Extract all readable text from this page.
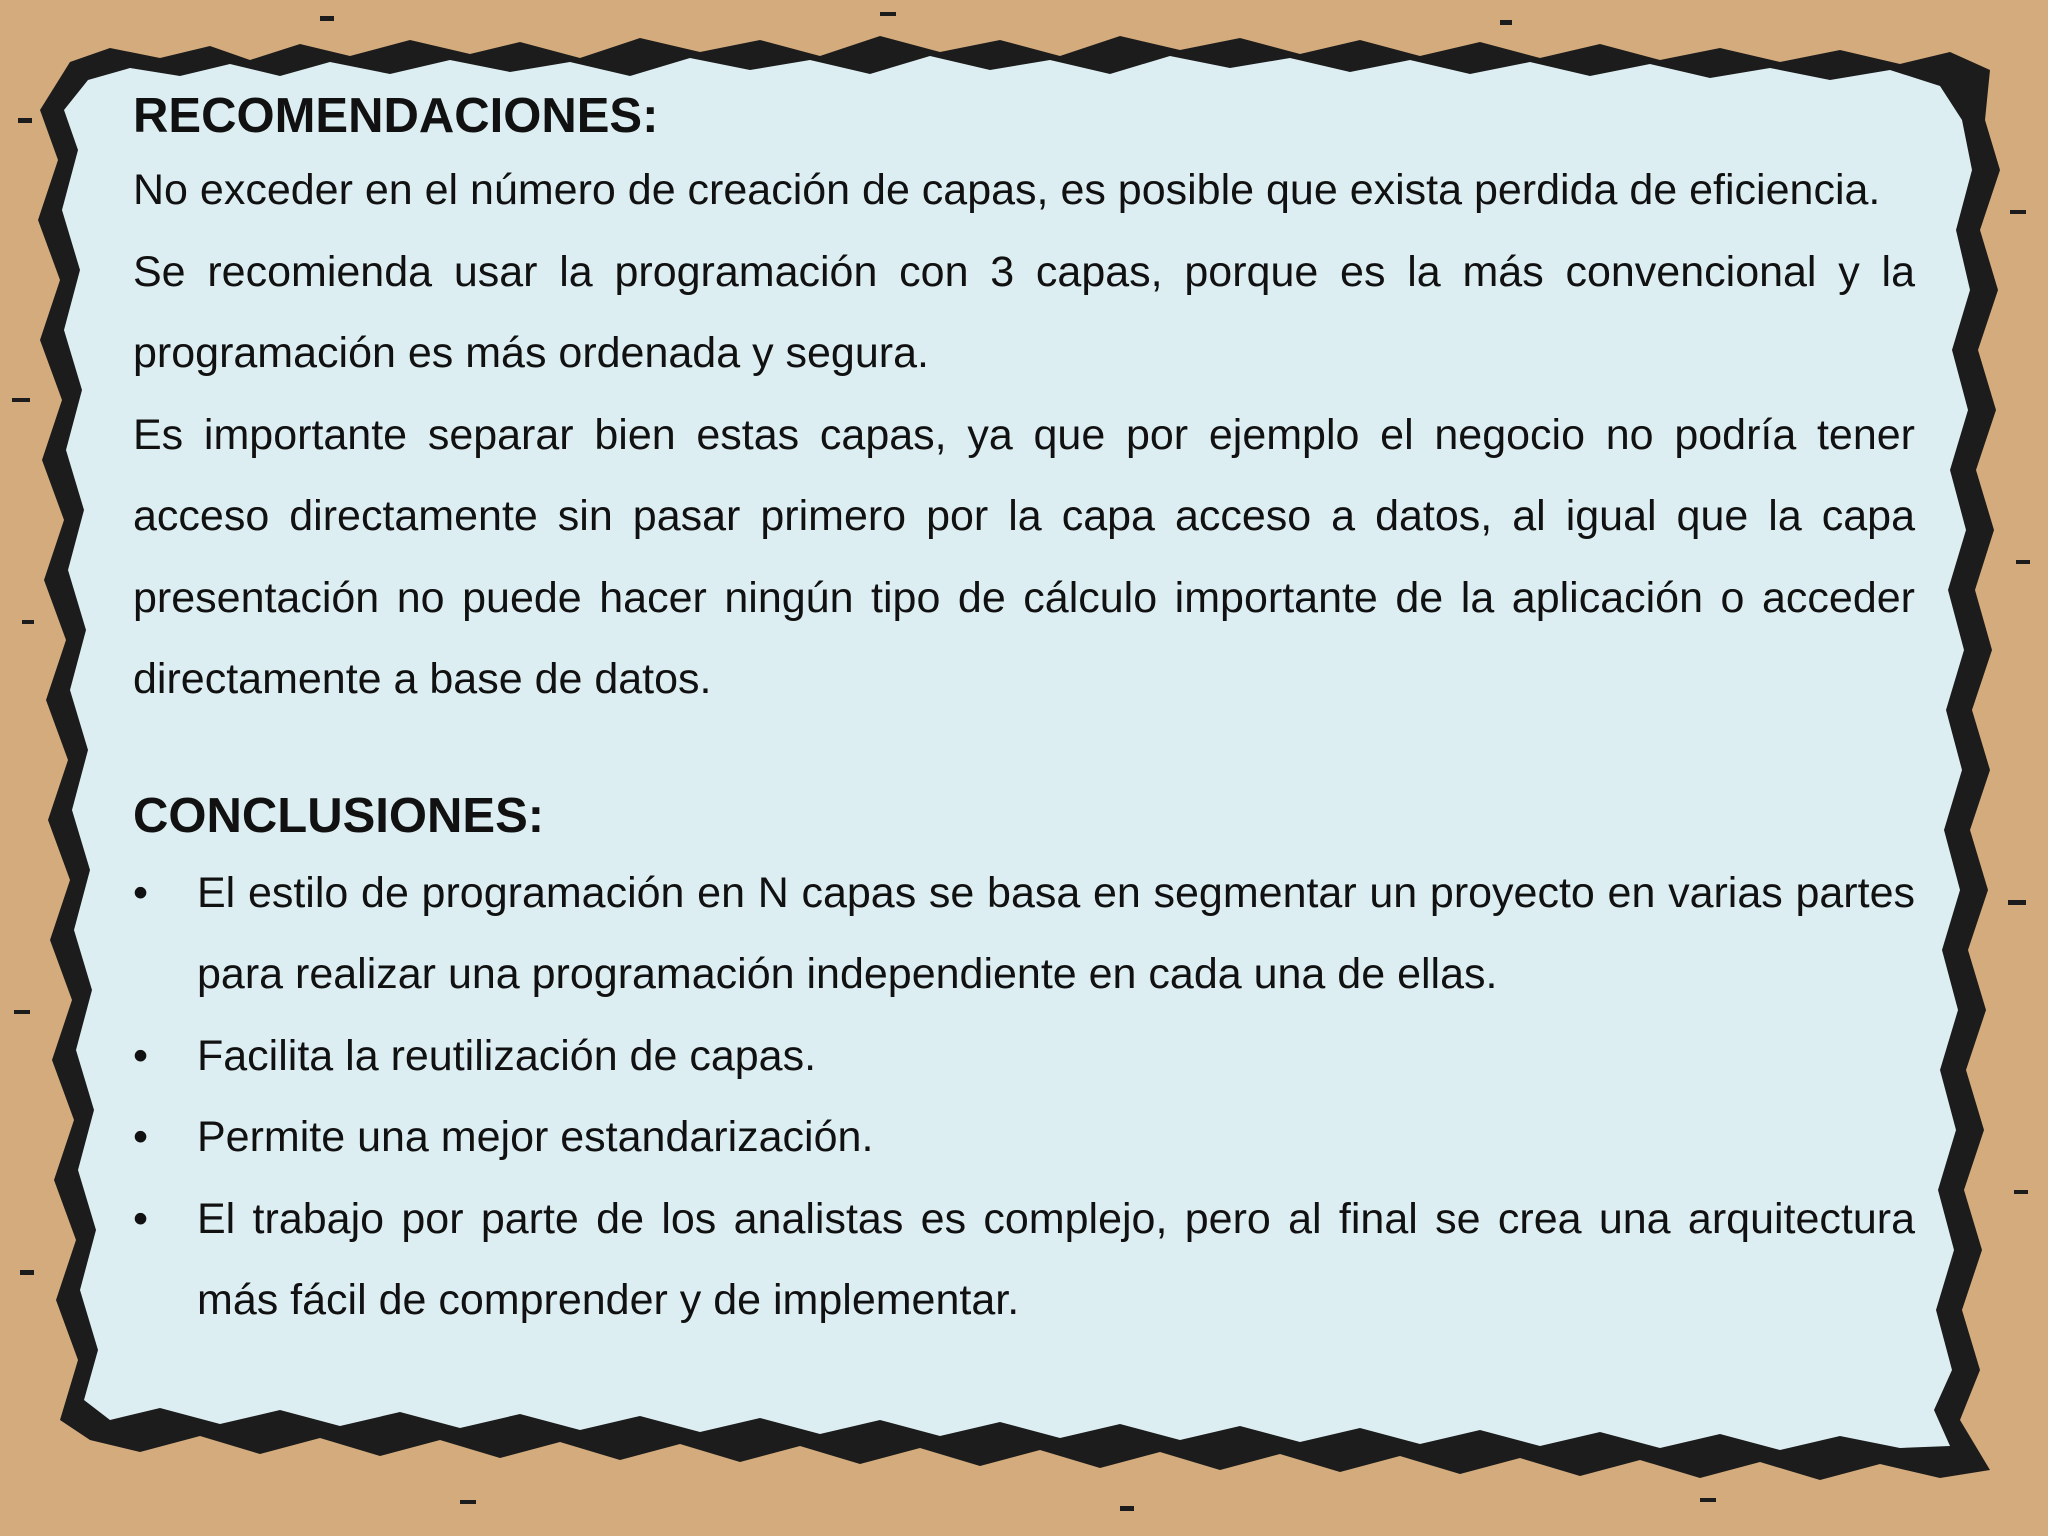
RECOMENDACIONES:

No exceder en el número de creación de capas, es posible que exista perdida de eficiencia.

Se recomienda usar la programación con 3 capas, porque es la más convencional y la programación es más ordenada y segura.

Es importante separar bien estas capas, ya que por ejemplo el negocio no podría tener acceso directamente sin pasar primero por la capa acceso a datos, al igual que la capa presentación no puede hacer ningún tipo de cálculo importante de la aplicación o acceder directamente a base de datos.

CONCLUSIONES:
•	El estilo de programación en N capas se basa en segmentar un proyecto en varias partes para realizar una programación independiente en cada una de ellas.
•	Facilita la reutilización de capas.
•	Permite una mejor estandarización.
•	El trabajo por parte de los analistas es complejo, pero al final se crea una arquitectura más fácil de comprender y de implementar.
